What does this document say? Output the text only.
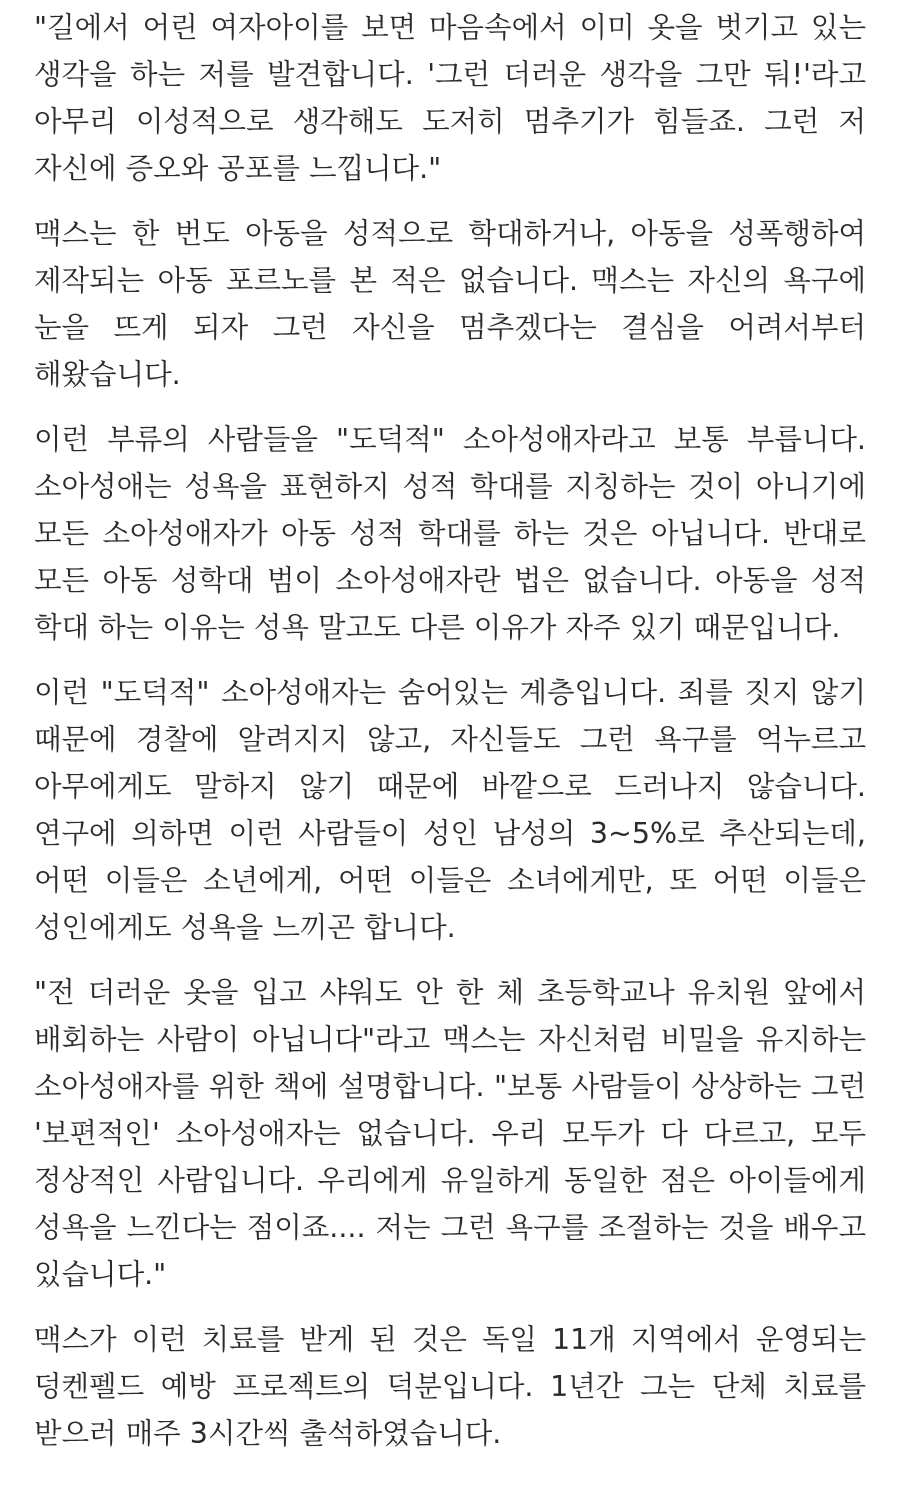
"길에서 어린 여자아이를 보면 마음속에서 이미 옷을 벗기고 있는 생각을 하는 저를 발견합니다. '그런 더러운 생각을 그만 둬!'라고 아무리 이성적으로 생각해도 도저히 멈추기가 힘들죠. 그런 저 자신에 증오와 공포를 느낍니다."

맥스는 한 번도 아동을 성적으로 학대하거나, 아동을 성폭행하여 제작되는 아동 포르노를 본 적은 없습니다. 맥스는 자신의 욕구에 눈을 뜨게 되자 그런 자신을 멈추겠다는 결심을 어려서부터 해왔습니다.

이런 부류의 사람들을 "도덕적" 소아성애자라고 보통 부릅니다. 소아성애는 성욕을 표현하지 성적 학대를 지칭하는 것이 아니기에 모든 소아성애자가 아동 성적 학대를 하는 것은 아닙니다. 반대로 모든 아동 성학대 범이 소아성애자란 법은 없습니다. 아동을 성적 학대 하는 이유는 성욕 말고도 다른 이유가 자주 있기 때문입니다.

이런 "도덕적" 소아성애자는 숨어있는 계층입니다. 죄를 짓지 않기 때문에 경찰에 알려지지 않고, 자신들도 그런 욕구를 억누르고 아무에게도 말하지 않기 때문에 바깥으로 드러나지 않습니다. 연구에 의하면 이런 사람들이 성인 남성의 3~5%로 추산되는데, 어떤 이들은 소년에게, 어떤 이들은 소녀에게만, 또 어떤 이들은 성인에게도 성욕을 느끼곤 합니다.

"전 더러운 옷을 입고 샤워도 안 한 체 초등학교나 유치원 앞에서 배회하는 사람이 아닙니다"라고 맥스는 자신처럼 비밀을 유지하는 소아성애자를 위한 책에 설명합니다. "보통 사람들이 상상하는 그런 '보편적인' 소아성애자는 없습니다. 우리 모두가 다 다르고, 모두 정상적인 사람입니다. 우리에게 유일하게 동일한 점은 아이들에게 성욕을 느낀다는 점이죠.... 저는 그런 욕구를 조절하는 것을 배우고 있습니다."

맥스가 이런 치료를 받게 된 것은 독일 11개 지역에서 운영되는 덩켄펠드 예방 프로젝트의 덕분입니다. 1년간 그는 단체 치료를 받으러 매주 3시간씩 출석하였습니다.
